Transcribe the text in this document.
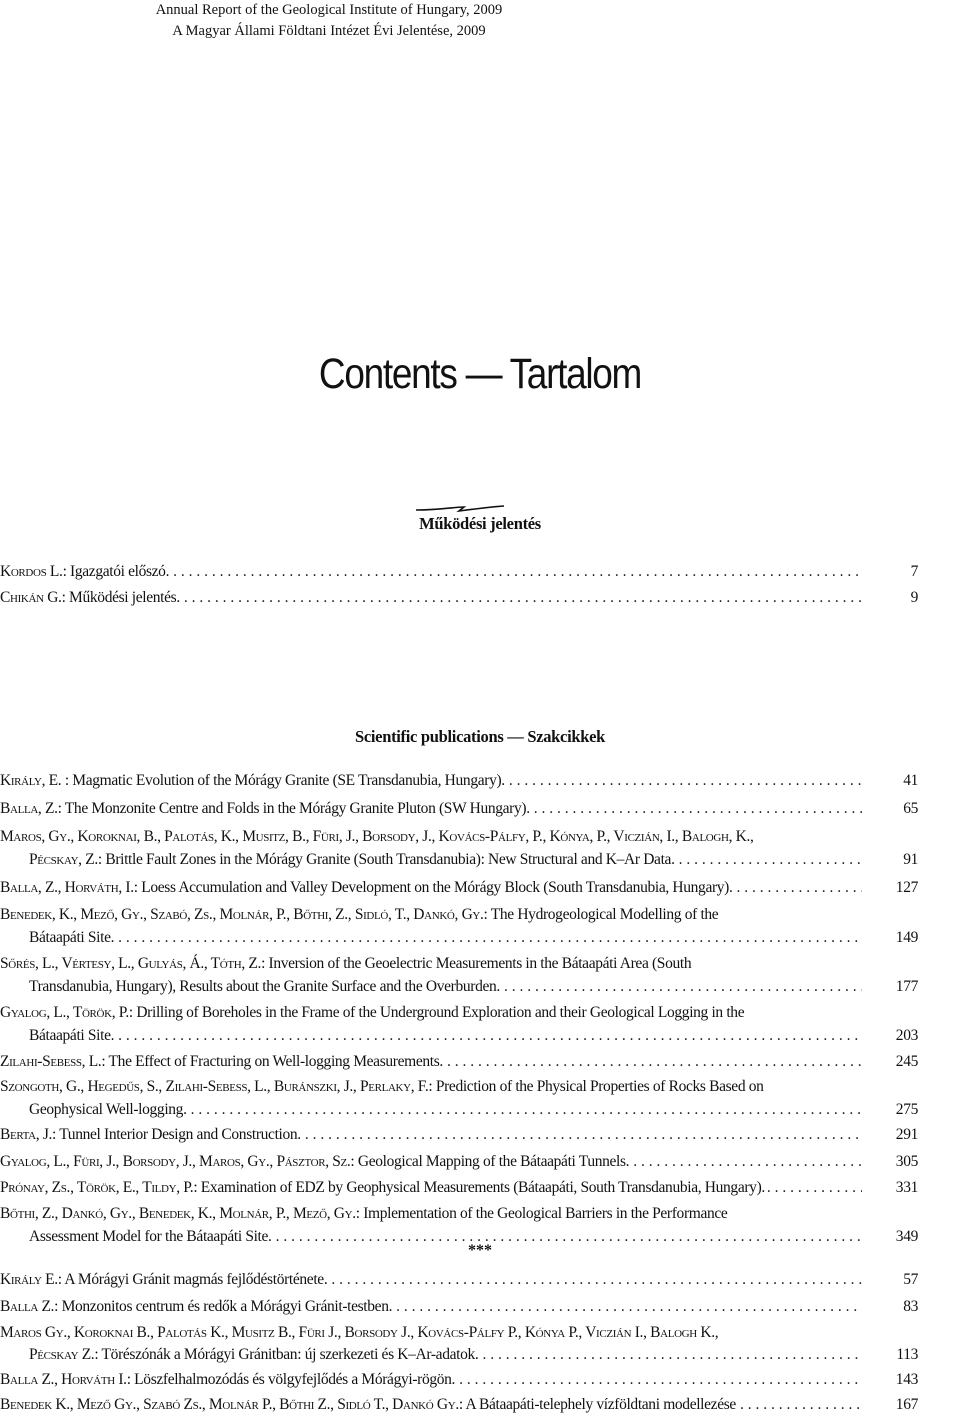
Annual Report of the Geological Institute of Hungary, 2009
A Magyar Állami Földtani Intézet Évi Jelentése, 2009
Contents — Tartalom
Működési jelentés
Scientific publications — Szakcikkek
***
Kordos L.: Igazgatói előszó. . . .	7
Chikán G.: Működési jelentés. . . .	9
Király, E. : Magmatic Evolution of the Mórágy Granite (SE Transdanubia, Hungary). . . .	41
Balla, Z.: The Monzonite Centre and Folds in the Mórágy Granite Pluton (SW Hungary). . . .	65
Maros, Gy., Koroknai, B., Palotás, K., Musitz, B., Füri, J., Borsody, J., Kovács-Pálfy, P., Kónya, P., Viczián, I., Balogh, K.,
Pécskay, Z.: Brittle Fault Zones in the Mórágy Granite (South Transdanubia): New Structural and K–Ar Data. . . .	91
Balla, Z., Horváth, I.: Loess Accumulation and Valley Development on the Mórágy Block (South Transdanubia, Hungary). . . .	127
Benedek, K., Mező, Gy., Szabó, Zs., Molnár, P., Bőthi, Z., Sidló, T., Dankó, Gy.: The Hydrogeological Modelling of the
Bátaapáti Site. . . .	149
Sőrés, L., Vértesy, L., Gulyás, Á., Tóth, Z.: Inversion of the Geoelectric Measurements in the Bátaapáti Area (South
Transdanubia, Hungary), Results about the Granite Surface and the Overburden. . . .	177
Gyalog, L., Török, P.: Drilling of Boreholes in the Frame of the Underground Exploration and their Geological Logging in the
Bátaapáti Site. . . .	203
Zilahi-Sebess, L.: The Effect of Fracturing on Well-logging Measurements. . . .	245
Szongoth, G., Hegedűs, S., Zilahi-Sebess, L., Buránszki, J., Perlaky, F.: Prediction of the Physical Properties of Rocks Based on
Geophysical Well-logging. . . .	275
Berta, J.: Tunnel Interior Design and Construction. . . .	291
Gyalog, L., Füri, J., Borsody, J., Maros, Gy., Pásztor, Sz.: Geological Mapping of the Bátaapáti Tunnels. . . .	305
Prónay, Zs., Török, E., Tildy, P.: Examination of EDZ by Geophysical Measurements (Bátaapáti, South Transdanubia, Hungary). . . .	331
Bőthi, Z., Dankó, Gy., Benedek, K., Molnár, P., Mező, Gy.: Implementation of the Geological Barriers in the Performance
Assessment Model for the Bátaapáti Site. . . .	349
Király E.: A Mórágyi Gránit magmás fejlődéstörténete. . . .	57
Balla Z.: Monzonitos centrum és redők a Mórágyi Gránit-testben. . . .	83
Maros Gy., Koroknai B., Palotás K., Musitz B., Füri J., Borsody J., Kovács-Pálfy P., Kónya P., Viczián I., Balogh K.,
Pécskay Z.: Törészónák a Mórágyi Gránitban: új szerkezeti és K–Ar-adatok. . . .	113
Balla Z., Horváth I.: Löszfelhalmozódás és völgyfejlődés a Mórágyi-rögön. . . .	143
Benedek K., Mező Gy., Szabó Zs., Molnár P., Bőthi Z., Sidló T., Dankó Gy.: A Bátaapáti-telephely vízföldtani modellezése . . .	167
